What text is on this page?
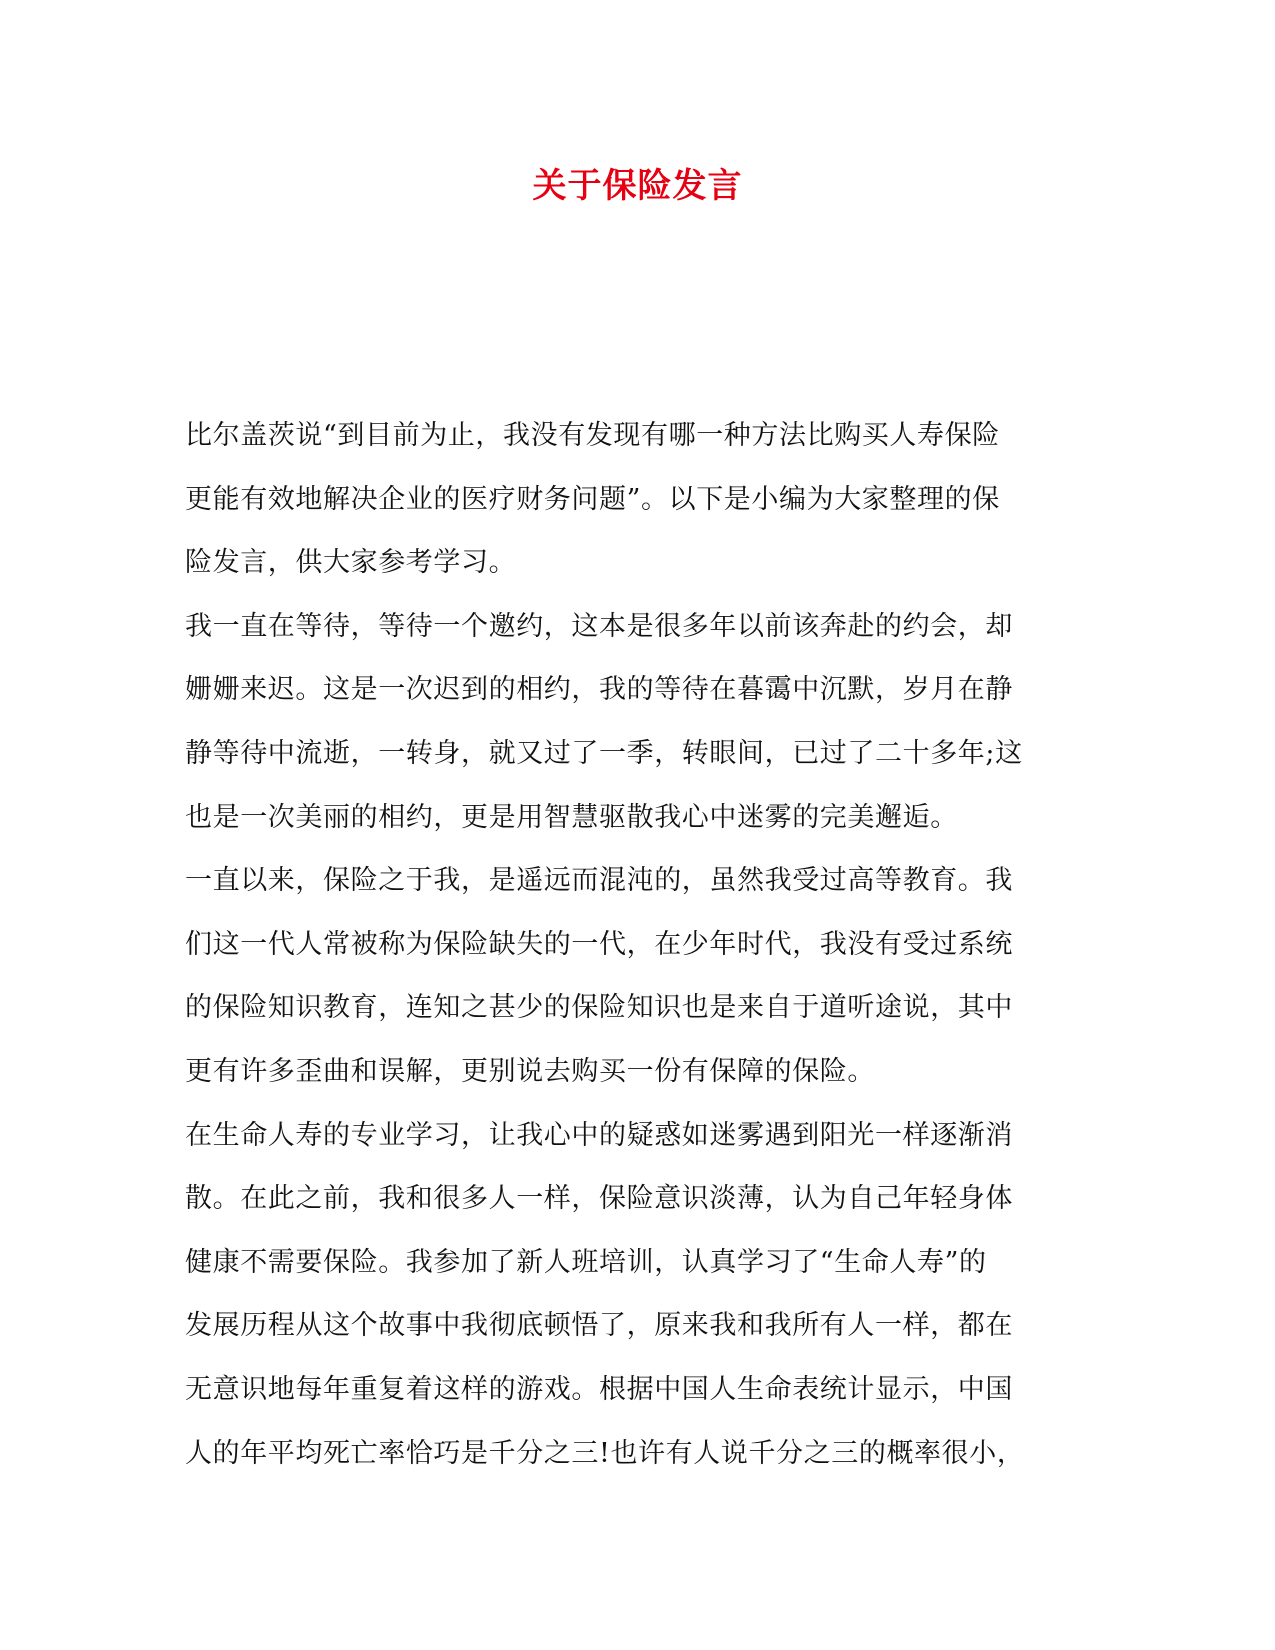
关于保险发言
比尔盖茨说“到目前为止，我没有发现有哪一种方法比购买人寿保险
更能有效地解决企业的医疗财务问题”。以下是小编为大家整理的保
险发言，供大家参考学习。
我一直在等待，等待一个邀约，这本是很多年以前该奔赴的约会，却
姗姗来迟。这是一次迟到的相约，我的等待在暮霭中沉默，岁月在静
静等待中流逝，一转身，就又过了一季，转眼间，已过了二十多年;这
也是一次美丽的相约，更是用智慧驱散我心中迷雾的完美邂逅。
一直以来，保险之于我，是遥远而混沌的，虽然我受过高等教育。我
们这一代人常被称为保险缺失的一代，在少年时代，我没有受过系统
的保险知识教育，连知之甚少的保险知识也是来自于道听途说，其中
更有许多歪曲和误解，更别说去购买一份有保障的保险。
在生命人寿的专业学习，让我心中的疑惑如迷雾遇到阳光一样逐渐消
散。在此之前，我和很多人一样，保险意识淡薄，认为自己年轻身体
健康不需要保险。我参加了新人班培训，认真学习了“生命人寿”的
发展历程从这个故事中我彻底顿悟了，原来我和我所有人一样，都在
无意识地每年重复着这样的游戏。根据中国人生命表统计显示，中国
人的年平均死亡率恰巧是千分之三!也许有人说千分之三的概率很小，
